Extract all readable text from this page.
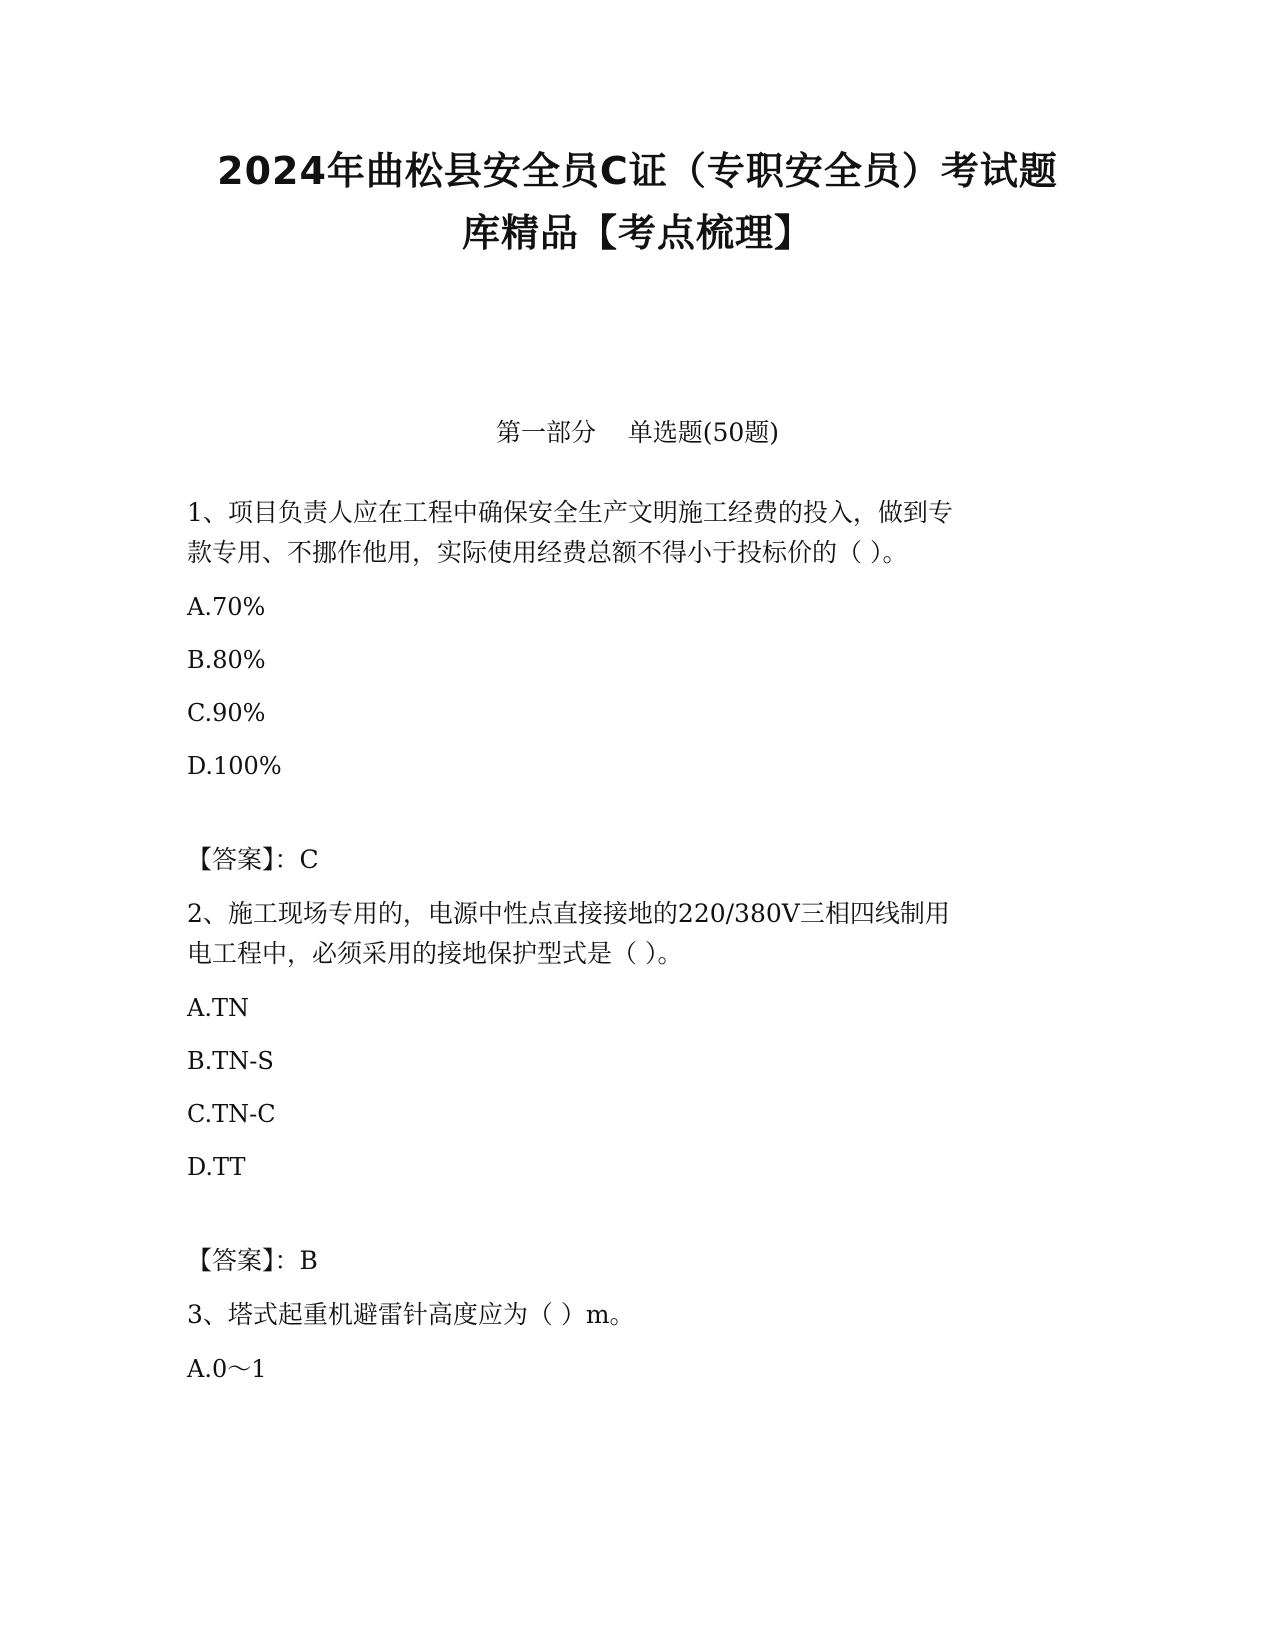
2024年曲松县安全员C证（专职安全员）考试题
库精品【考点梳理】
第一部分    单选题(50题)
1、项目负责人应在工程中确保安全生产文明施工经费的投入，做到专
款专用、不挪作他用，实际使用经费总额不得小于投标价的（ ）。
A.70%
B.80%
C.90%
D.100%
【答案】：C
2、施工现场专用的，电源中性点直接接地的220/380V三相四线制用
电工程中，必须采用的接地保护型式是（ ）。
A.TN
B.TN-S
C.TN-C
D.TT
【答案】：B
3、塔式起重机避雷针高度应为（ ）m。
A.0～1
